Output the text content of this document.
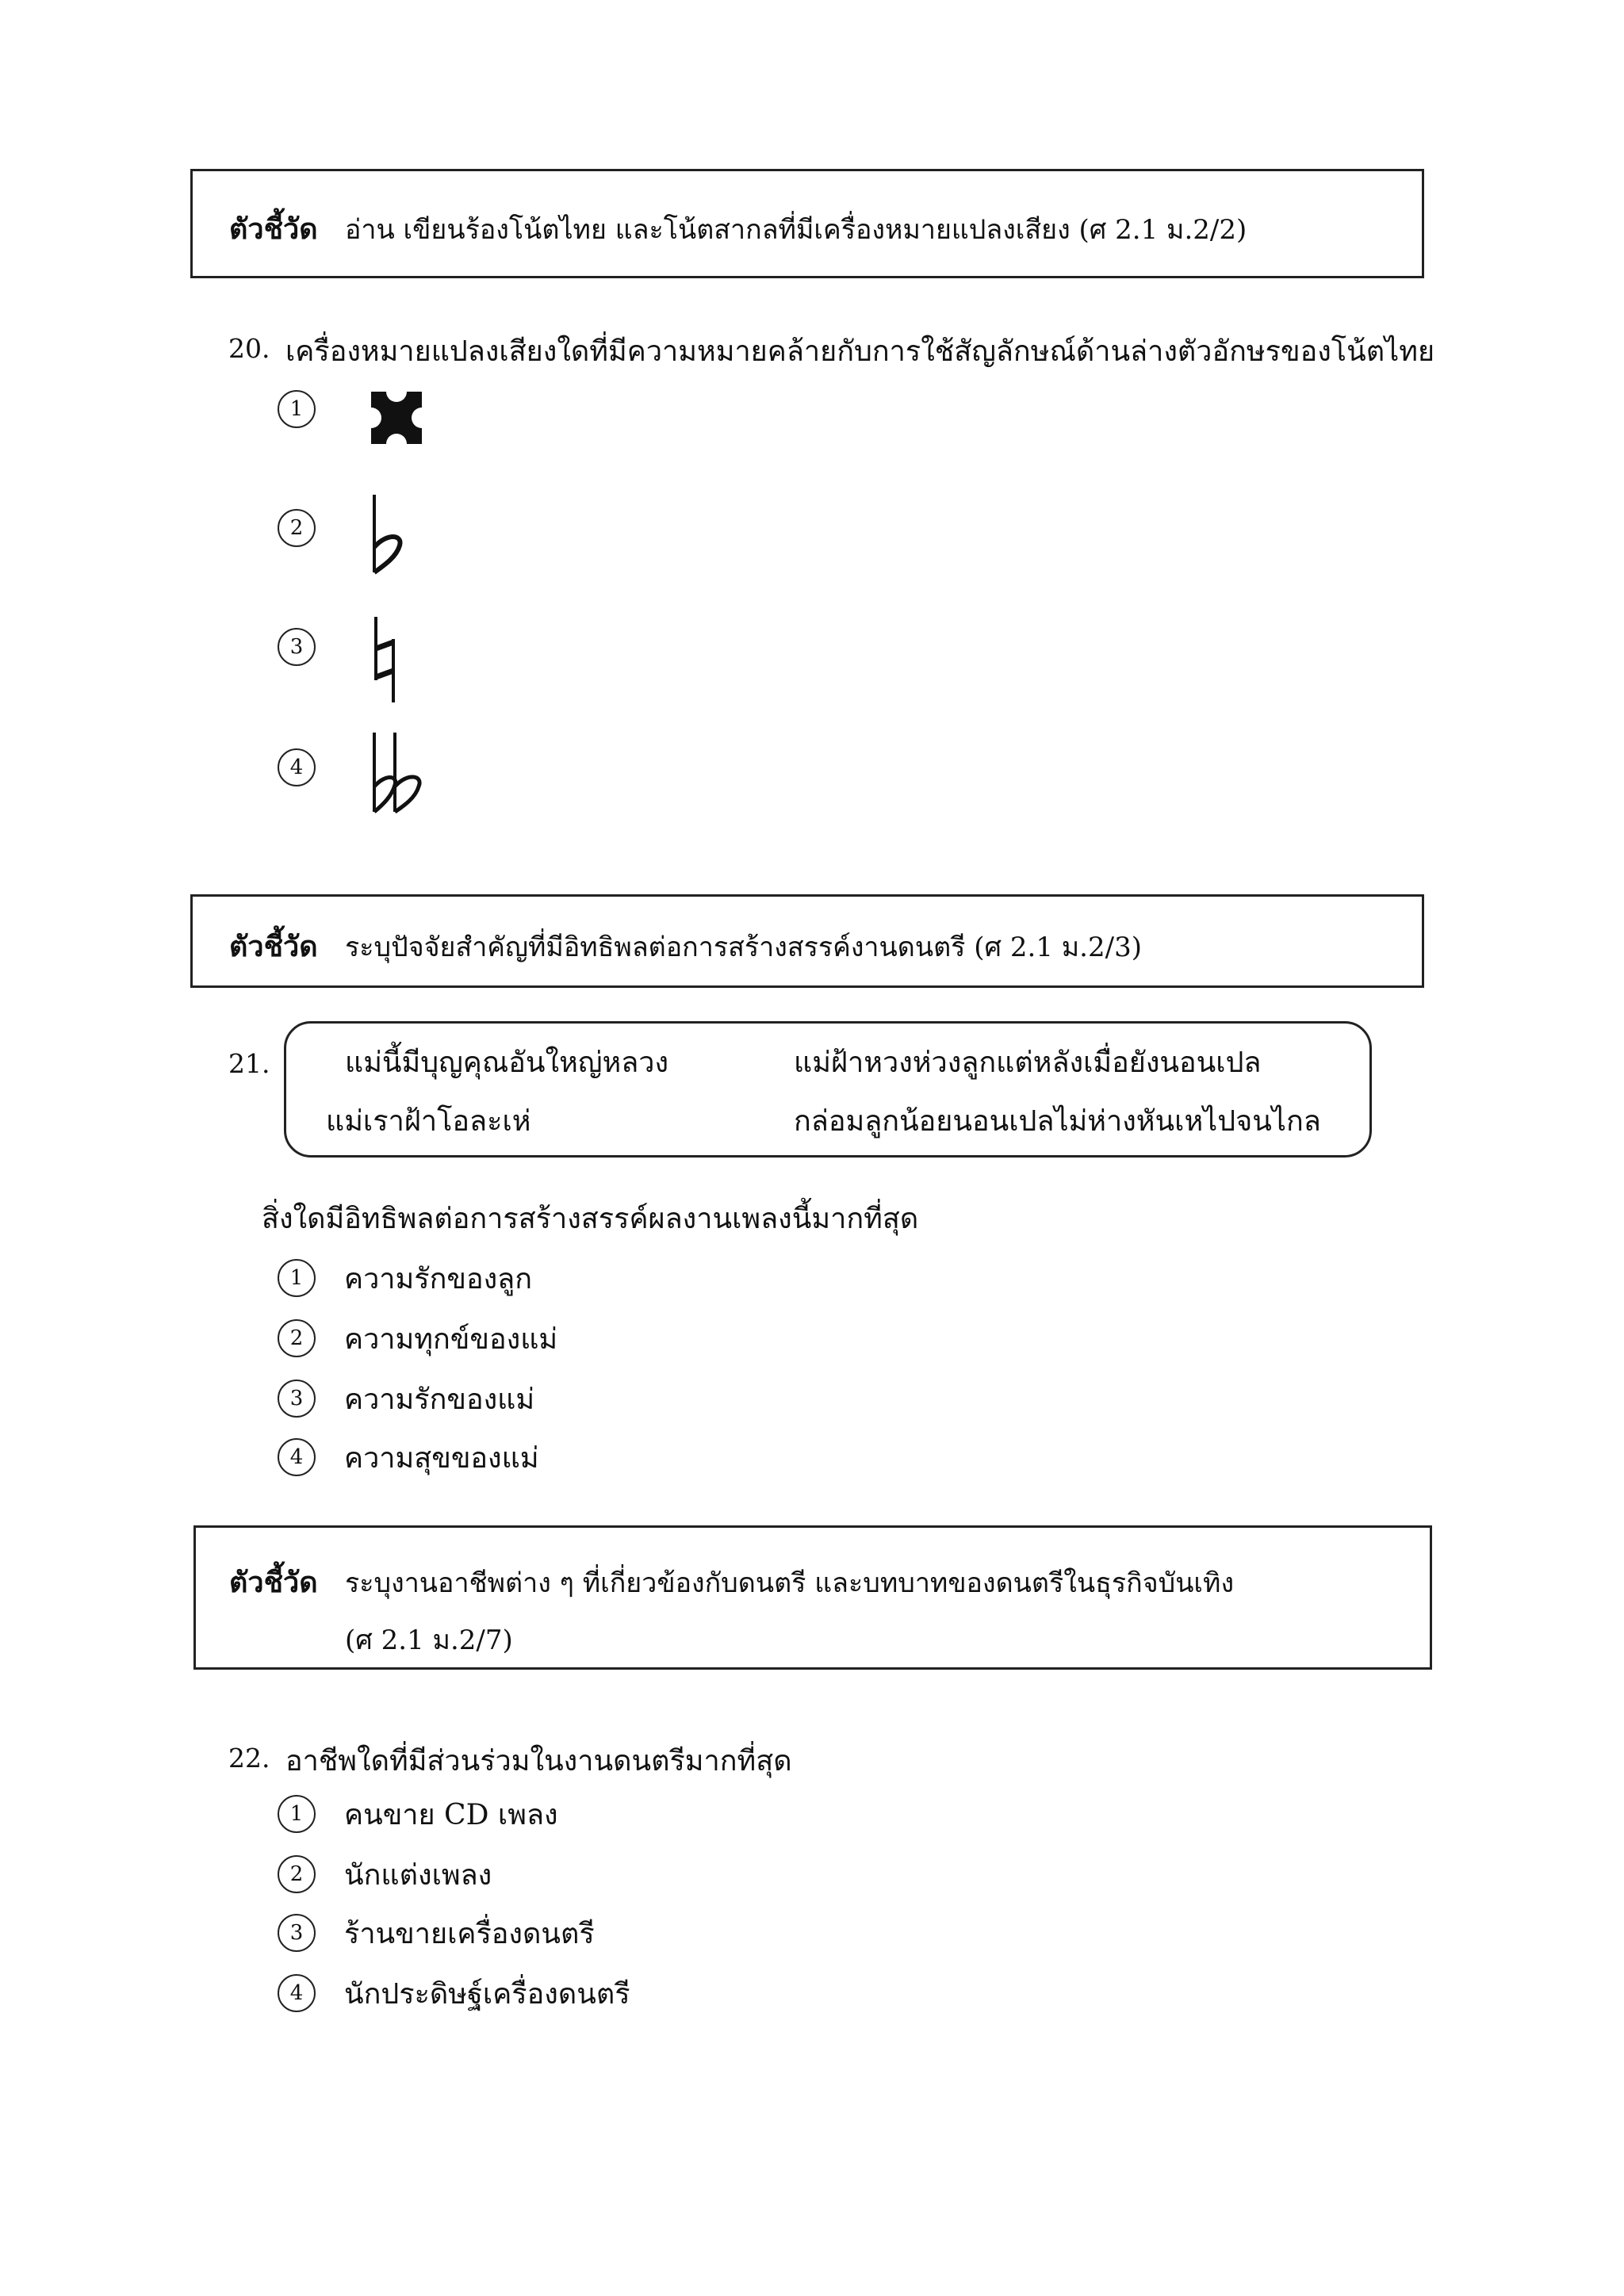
ตัวชี้วัด อ่าน เขียนร้องโน้ตไทย และโน้ตสากลที่มีเครื่องหมายแปลงเสียง (ศ 2.1 ม.2/2)
20. เครื่องหมายแปลงเสียงใดที่มีความหมายคล้ายกับการใช้สัญลักษณ์ด้านล่างตัวอักษรของโน้ตไทย
1
2
3
4
ตัวชี้วัด ระบุปัจจัยสำคัญที่มีอิทธิพลต่อการสร้างสรรค์งานดนตรี (ศ 2.1 ม.2/3)
21.	แม่นี้มีบุญคุณอันใหญ่หลวง	แม่ฝ้าหวงห่วงลูกแต่หลังเมื่อยังนอนเปล
แม่เราฝ้าโอละเห่	กล่อมลูกน้อยนอนเปลไม่ห่างหันเหไปจนไกล
สิ่งใดมีอิทธิพลต่อการสร้างสรรค์ผลงานเพลงนี้มากที่สุด
1	ความรักของลูก
2	ความทุกข์ของแม่
3	ความรักของแม่
4	ความสุขของแม่
ตัวชี้วัด ระบุงานอาชีพต่าง ๆ ที่เกี่ยวข้องกับดนตรี และบทบาทของดนตรีในธุรกิจบันเทิง
(ศ 2.1 ม.2/7)
22. อาชีพใดที่มีส่วนร่วมในงานดนตรีมากที่สุด
1	คนขาย CD เพลง
2	นักแต่งเพลง
3	ร้านขายเครื่องดนตรี
4	นักประดิษฐ์เครื่องดนตรี
